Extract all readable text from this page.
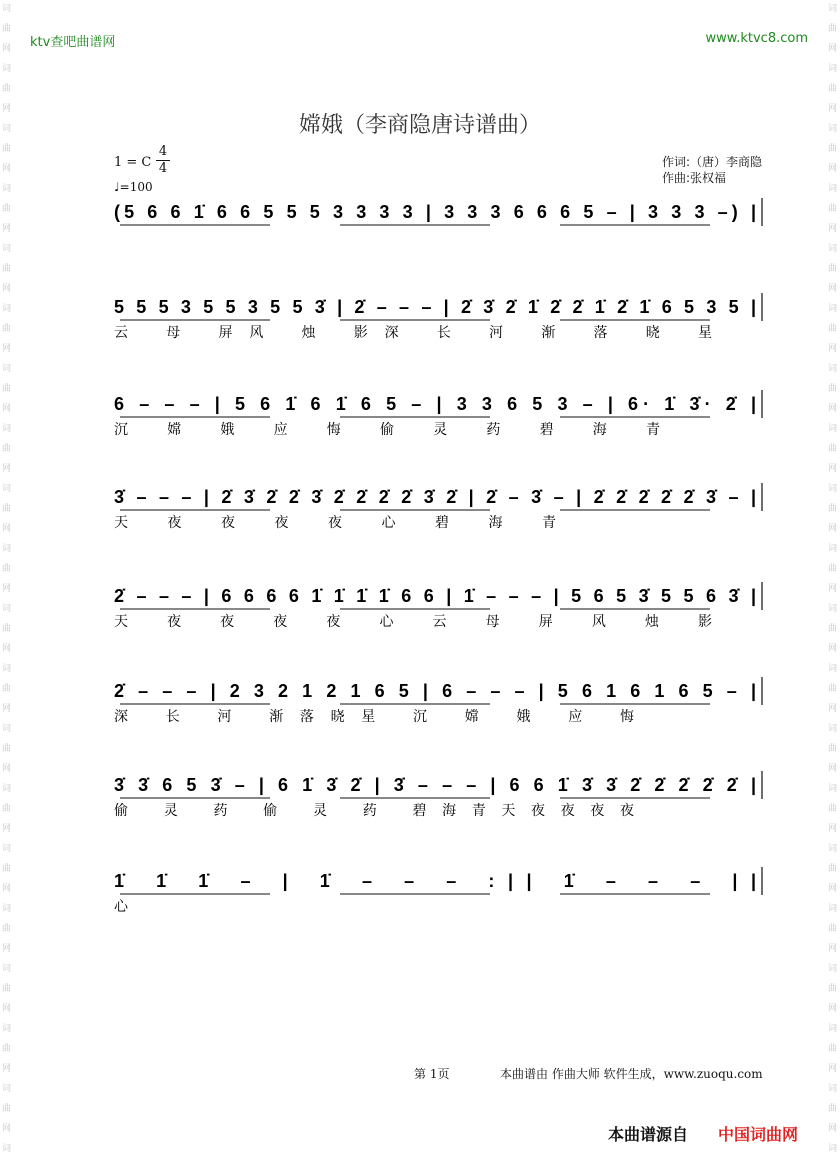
词
曲
网
词
曲
网
词
曲
网
词
曲
网
词
曲
网
词
曲
网
词
曲
网
词
曲
网
词
曲
网
词
曲
网
词
曲
网
词
曲
网
词
曲
网
词
曲
网
词
曲
网
词
曲
网
词
曲
网
词
曲
网
词
曲
网
词
词
曲
网
词
曲
网
词
曲
网
词
曲
网
词
曲
网
词
曲
网
词
曲
网
词
曲
网
词
曲
网
词
曲
网
词
曲
网
词
曲
网
词
曲
网
词
曲
网
词
曲
网
词
曲
网
词
曲
网
词
曲
网
词
曲
网
词
ktv查吧曲谱网	www.ktvc8.com
嫦娥（李商隐唐诗谱曲）
1 = C $\frac{4}{4}$
♩=100
作词:（唐）李商隐
作曲:张权福
(5 6 6 1̇ 6 6 5 5 5 3 3 3 3 | 3 3 3 6 6 6 5 – | 3 3 3 –) |
5 5 5 3 5 5 3 5 5 3̇ | 2̇ – – – | 2̇ 3̇ 2̇ 1̇ 2̇ 2̇ 1̇ 2̇ 1̇ 6 5 3 5 |
云 母 屏风 烛 影深 长 河 渐 落 晓 星
6 – – – | 5 6 1̇ 6 1̇ 6 5 – | 3 3 6 5 3 – | 6· 1̇ 3̇· 2̇ |
沉 嫦 娥 应 悔 偷 灵 药 碧 海 青
3̇ – – – | 2̇ 3̇ 2̇ 2̇ 3̇ 2̇ 2̇ 2̇ 2̇ 3̇ 2̇ | 2̇ – 3̇ – | 2̇ 2̇ 2̇ 2̇ 2̇ 3̇ – |
天 夜 夜 夜 夜 心 碧 海 青
2̇ – – – | 6 6 6 6 1̇ 1̇ 1̇ 1̇ 6 6 | 1̇ – – – | 5 6 5 3̇ 5 5 6 3̇ |
天 夜 夜 夜 夜 心 云 母 屏 风 烛 影
2̇ – – – | 2 3 2 1 2 1 6 5 | 6 – – – | 5 6 1 6 1 6 5 – |
深 长 河 渐落晓星 沉 嫦 娥 应 悔
3̇ 3̇ 6 5 3̇ – | 6 1̇ 3̇ 2̇ | 3̇ – – – | 6 6 1̇ 3̇ 3̇ 2̇ 2̇ 2̇ 2̇ 2̇ |
偷 灵 药 偷 灵 药 碧海青天夜夜夜夜
1̇ 1̇ 1̇ – | 1̇ – – – :|| 1̇ – – – ||
心
第 1页	本曲谱由 作曲大师 软件生成，www.zuoqu.com
本曲谱源自 中国词曲网
